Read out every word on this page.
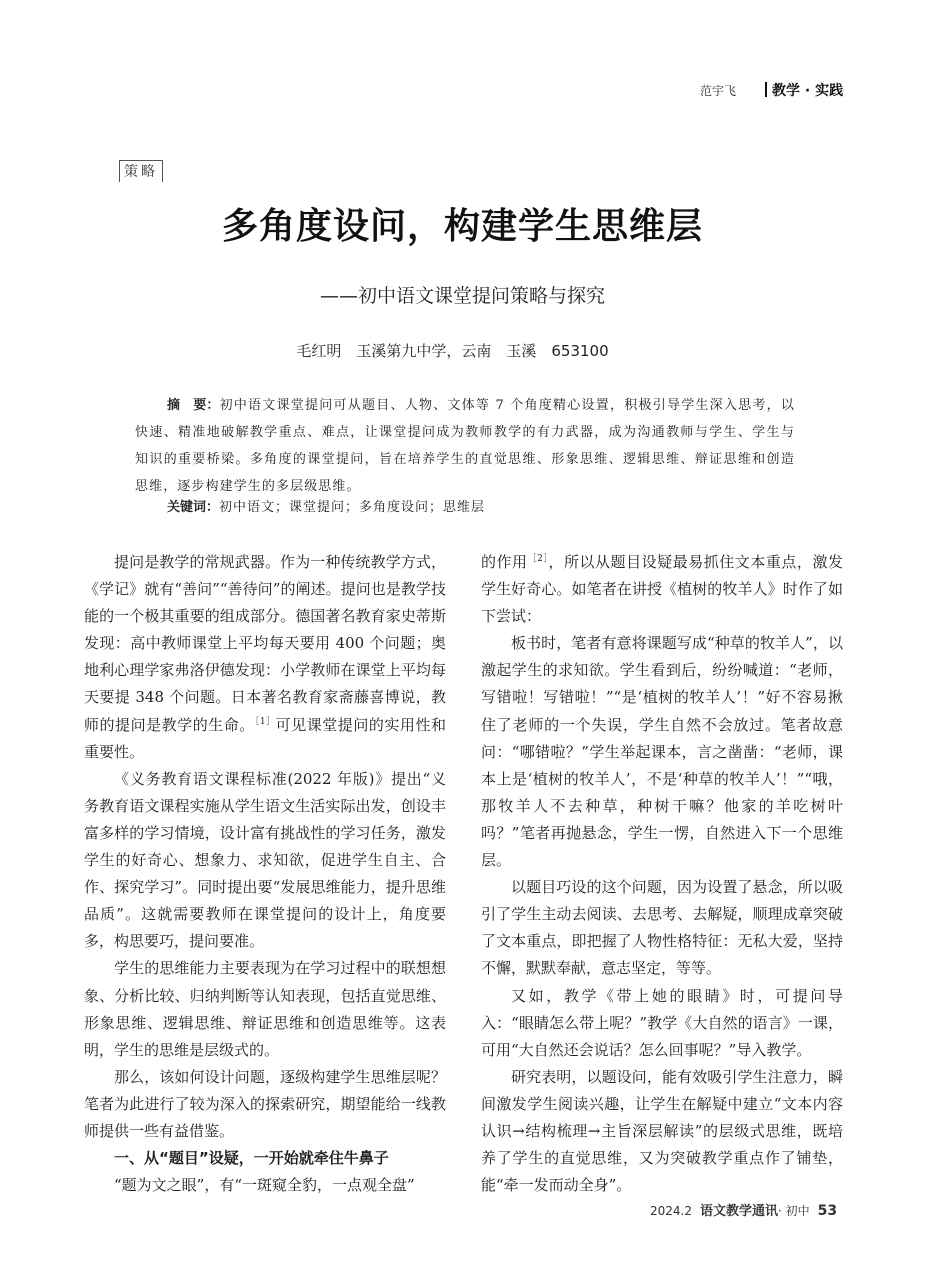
范宇飞	教学 · 实践
策略
多角度设问，构建学生思维层
——初中语文课堂提问策略与探究
毛红明　玉溪第九中学，云南　玉溪　653100
摘　要：初中语文课堂提问可从题目、人物、文体等 7 个角度精心设置，积极引导学生深入思考，以快速、精准地破解教学重点、难点，让课堂提问成为教师教学的有力武器，成为沟通教师与学生、学生与知识的重要桥梁。多角度的课堂提问，旨在培养学生的直觉思维、形象思维、逻辑思维、辩证思维和创造思维，逐步构建学生的多层级思维。
关键词：初中语文；课堂提问；多角度设问；思维层

提问是教学的常规武器。作为一种传统教学方式，《学记》就有“善问”“善待问”的阐述。提问也是教学技能的一个极其重要的组成部分。德国著名教育家史蒂斯发现：高中教师课堂上平均每天要用 400 个问题；奥地利心理学家弗洛伊德发现：小学教师在课堂上平均每天要提 348 个问题。日本著名教育家斋藤喜博说，教师的提问是教学的生命。$^{[1]}$可见课堂提问的实用性和重要性。

《义务教育语文课程标准(2022 年版)》提出“义务教育语文课程实施从学生语文生活实际出发，创设丰富多样的学习情境，设计富有挑战性的学习任务，激发学生的好奇心、想象力、求知欲，促进学生自主、合作、探究学习”。同时提出要“发展思维能力，提升思维品质”。这就需要教师在课堂提问的设计上，角度要多，构思要巧，提问要准。

学生的思维能力主要表现为在学习过程中的联想想象、分析比较、归纳判断等认知表现，包括直觉思维、形象思维、逻辑思维、辩证思维和创造思维等。这表明，学生的思维是层级式的。

那么，该如何设计问题，逐级构建学生思维层呢？笔者为此进行了较为深入的探索研究，期望能给一线教师提供一些有益借鉴。

一、从“题目”设疑，一开始就牵住牛鼻子

“题为文之眼”，有“一斑窥全豹，一点观全盘”

的作用$^{[2]}$，所以从题目设疑最易抓住文本重点，激发学生好奇心。如笔者在讲授《植树的牧羊人》时作了如下尝试：

板书时，笔者有意将课题写成“种草的牧羊人”，以激起学生的求知欲。学生看到后，纷纷喊道：“老师，写错啦！写错啦！”“是‘植树的牧羊人’！”好不容易揪住了老师的一个失误，学生自然不会放过。笔者故意问：“哪错啦？”学生举起课本，言之凿凿：“老师，课本上是‘植树的牧羊人’，不是‘种草的牧羊人’！”“哦，那牧羊人不去种草，种树干嘛？他家的羊吃树叶吗？”笔者再抛悬念，学生一愣，自然进入下一个思维层。

以题目巧设的这个问题，因为设置了悬念，所以吸引了学生主动去阅读、去思考、去解疑，顺理成章突破了文本重点，即把握了人物性格特征：无私大爱，坚持不懈，默默奉献，意志坚定，等等。

又如，教学《带上她的眼睛》时，可提问导入：“眼睛怎么带上呢？”教学《大自然的语言》一课，可用“大自然还会说话？怎么回事呢？”导入教学。

研究表明，以题设问，能有效吸引学生注意力，瞬间激发学生阅读兴趣，让学生在解疑中建立“文本内容认识→结构梳理→主旨深层解读”的层级式思维，既培养了学生的直觉思维，又为突破教学重点作了铺垫，能“牵一发而动全身”。

2024.2 语文教学通讯· 初中 53
